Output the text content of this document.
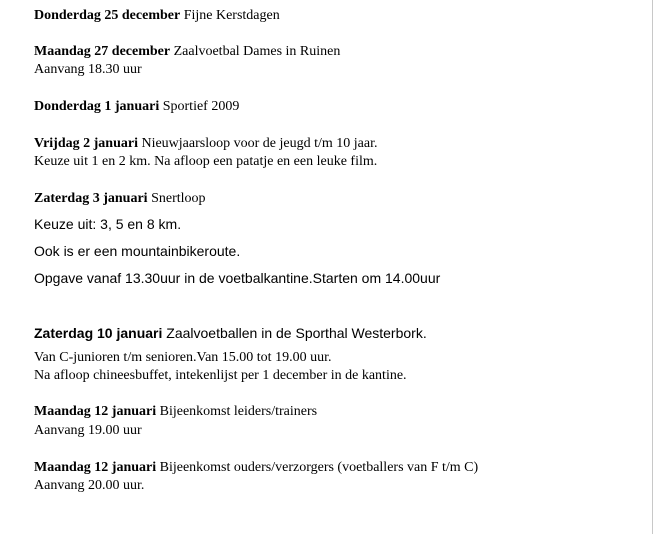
Donderdag 25 december Fijne Kerstdagen
Maandag 27 december Zaalvoetbal Dames in Ruinen
Aanvang 18.30 uur
Donderdag 1 januari Sportief 2009
Vrijdag 2 januari Nieuwjaarsloop voor de jeugd t/m 10 jaar.
Keuze uit 1 en 2 km. Na afloop een patatje en een leuke film.
Zaterdag 3 januari Snertloop
Keuze uit: 3, 5 en 8 km.
Ook is er een mountainbikeroute.
Opgave vanaf 13.30uur in de voetbalkantine.Starten om 14.00uur
Zaterdag 10 januari Zaalvoetballen in de Sporthal Westerbork.
Van C-junioren t/m senioren.Van 15.00 tot 19.00 uur.
Na afloop chineesbuffet, intekenlijst per 1 december in de kantine.
Maandag 12 januari Bijeenkomst leiders/trainers
Aanvang 19.00 uur
Maandag 12 januari Bijeenkomst ouders/verzorgers (voetballers van F t/m C)
Aanvang 20.00 uur.
